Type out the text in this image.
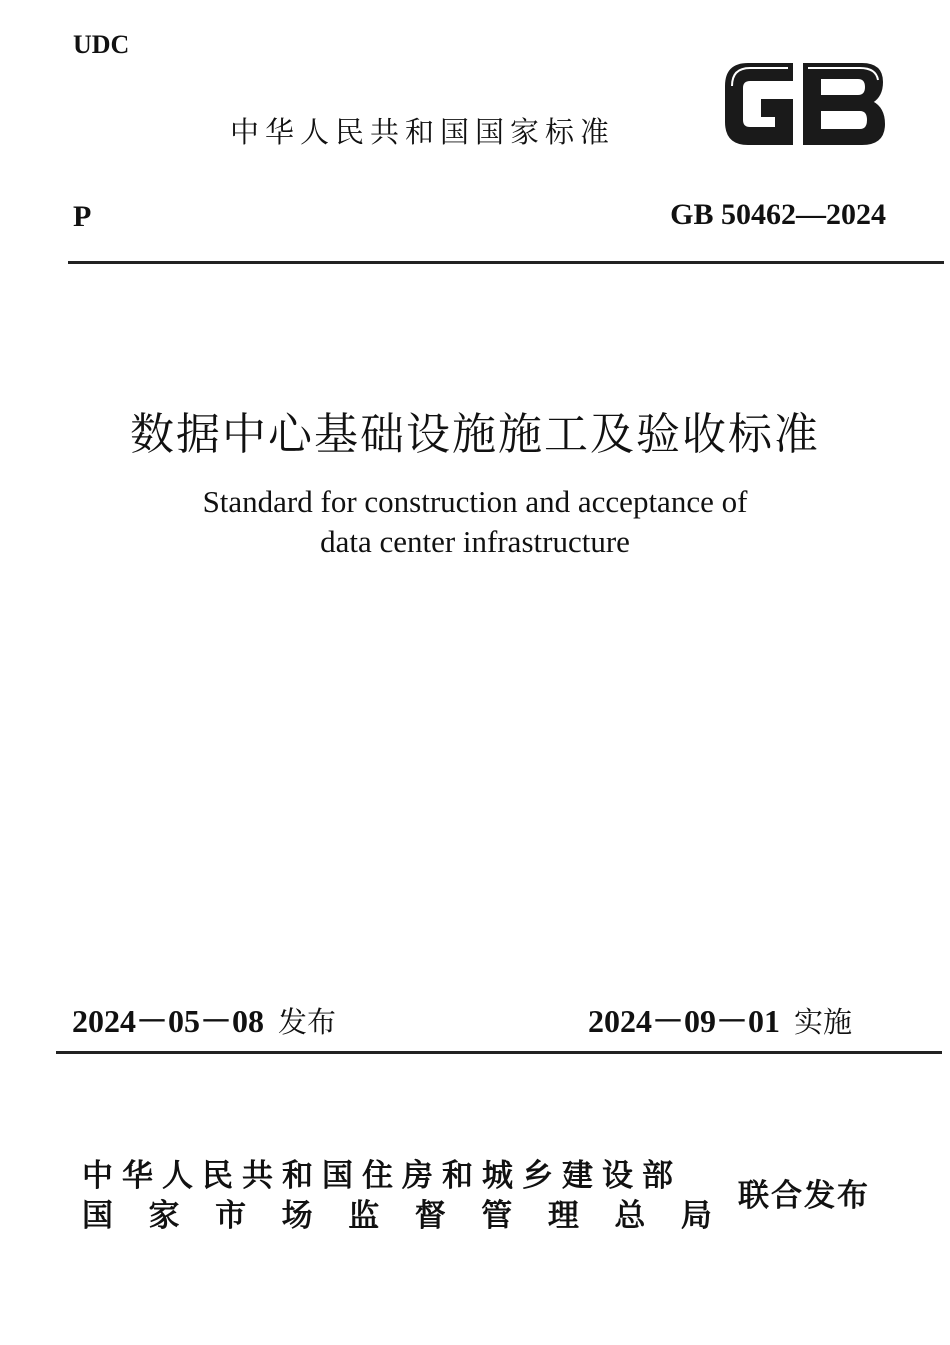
UDC
中华人民共和国国家标准
P	GB 50462—2024
数据中心基础设施施工及验收标准
Standard for construction and acceptance of
data center infrastructure
2024－05－08 发布	2024－09－01 实施
中华人民共和国住房和城乡建设部
国 家 市 场 监 督 管 理 总 局
联合发布
